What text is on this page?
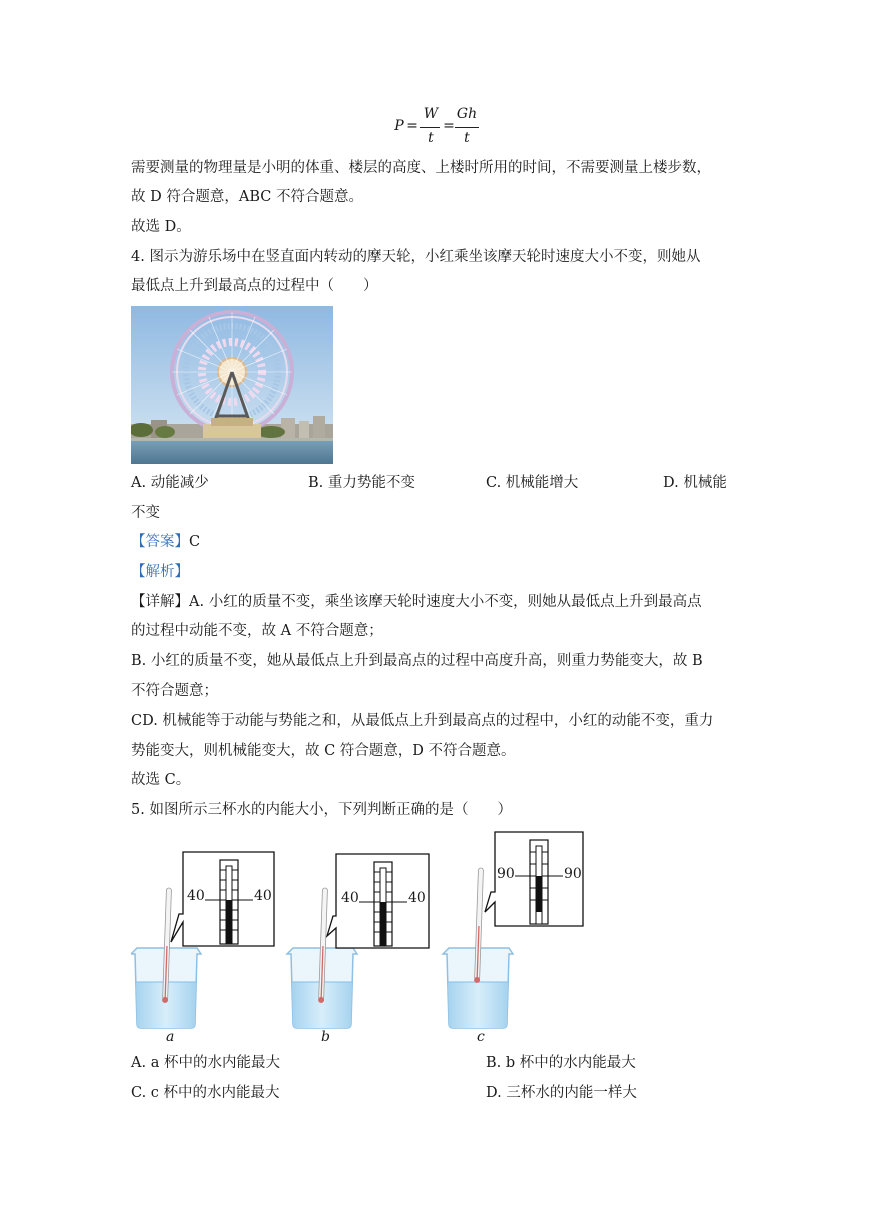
P =
W
t
=
Gh
t
需要测量的物理量是小明的体重、楼层的高度、上楼时所用的时间，不需要测量上楼步数，
故 D 符合题意，ABC 不符合题意。
故选 D。
4. 图示为游乐场中在竖直面内转动的摩天轮，小红乘坐该摩天轮时速度大小不变，则她从
最低点上升到最高点的过程中（　　）
A. 动能减少	B. 重力势能不变	C. 机械能增大	D. 机械能
不变
【答案】C
【解析】
【详解】A. 小红的质量不变，乘坐该摩天轮时速度大小不变，则她从最低点上升到最高点
的过程中动能不变，故 A 不符合题意；
B. 小红的质量不变，她从最低点上升到最高点的过程中高度升高，则重力势能变大，故 B
不符合题意；
CD. 机械能等于动能与势能之和，从最低点上升到最高点的过程中，小红的动能不变，重力
势能变大，则机械能变大，故 C 符合题意，D 不符合题意。
故选 C。
5. 如图所示三杯水的内能大小，下列判断正确的是（　　）
40	40	40	40
90	90
a	b	c
A. a 杯中的水内能最大	B. b 杯中的水内能最大
C. c 杯中的水内能最大	D. 三杯水的内能一样大
